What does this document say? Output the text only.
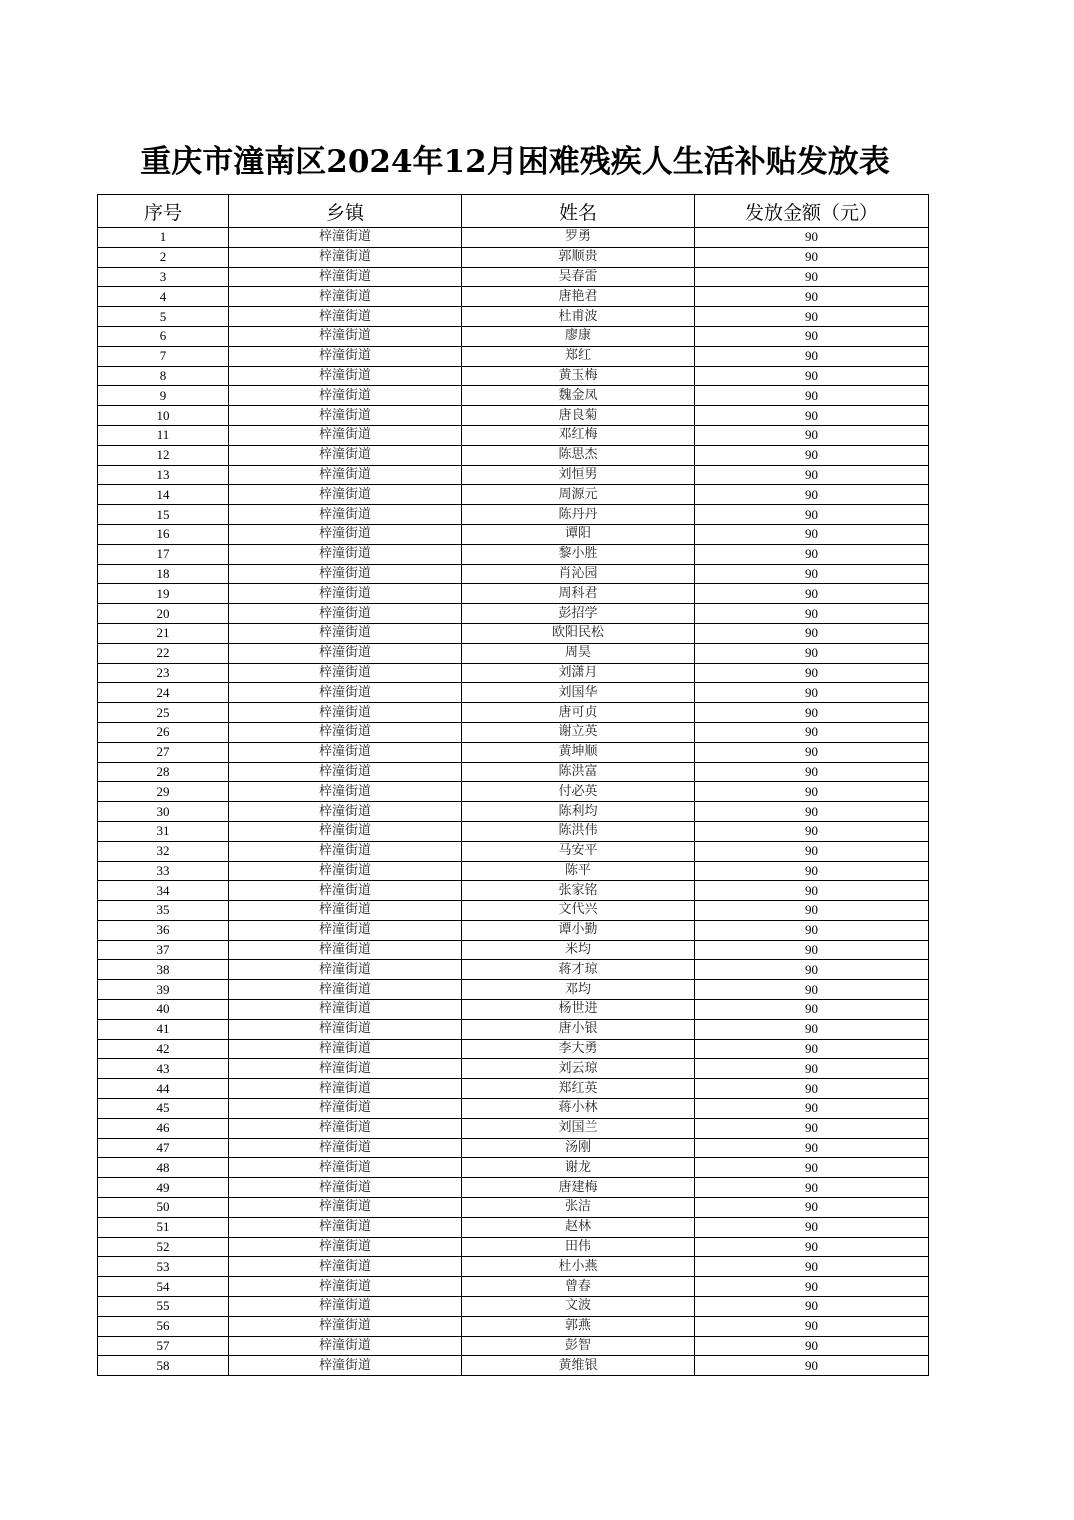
重庆市潼南区2024年12月困难残疾人生活补贴发放表
序号	乡镇	姓名	发放金额（元）
1	梓潼街道	罗勇	90
2	梓潼街道	郭顺贵	90
3	梓潼街道	吴春雷	90
4	梓潼街道	唐艳君	90
5	梓潼街道	杜甫波	90
6	梓潼街道	廖康	90
7	梓潼街道	郑红	90
8	梓潼街道	黄玉梅	90
9	梓潼街道	魏金凤	90
10	梓潼街道	唐良菊	90
11	梓潼街道	邓红梅	90
12	梓潼街道	陈思杰	90
13	梓潼街道	刘恒男	90
14	梓潼街道	周源元	90
15	梓潼街道	陈丹丹	90
16	梓潼街道	谭阳	90
17	梓潼街道	黎小胜	90
18	梓潼街道	肖沁园	90
19	梓潼街道	周科君	90
20	梓潼街道	彭招学	90
21	梓潼街道	欧阳民松	90
22	梓潼街道	周昊	90
23	梓潼街道	刘潇月	90
24	梓潼街道	刘国华	90
25	梓潼街道	唐可贞	90
26	梓潼街道	谢立英	90
27	梓潼街道	黄坤顺	90
28	梓潼街道	陈洪富	90
29	梓潼街道	付必英	90
30	梓潼街道	陈利均	90
31	梓潼街道	陈洪伟	90
32	梓潼街道	马安平	90
33	梓潼街道	陈平	90
34	梓潼街道	张家铭	90
35	梓潼街道	文代兴	90
36	梓潼街道	谭小勤	90
37	梓潼街道	米均	90
38	梓潼街道	蒋才琼	90
39	梓潼街道	邓均	90
40	梓潼街道	杨世进	90
41	梓潼街道	唐小银	90
42	梓潼街道	李大勇	90
43	梓潼街道	刘云琼	90
44	梓潼街道	郑红英	90
45	梓潼街道	蒋小林	90
46	梓潼街道	刘国兰	90
47	梓潼街道	汤刚	90
48	梓潼街道	谢龙	90
49	梓潼街道	唐建梅	90
50	梓潼街道	张洁	90
51	梓潼街道	赵林	90
52	梓潼街道	田伟	90
53	梓潼街道	杜小燕	90
54	梓潼街道	曾春	90
55	梓潼街道	文波	90
56	梓潼街道	郭燕	90
57	梓潼街道	彭智	90
58	梓潼街道	黄维银	90
